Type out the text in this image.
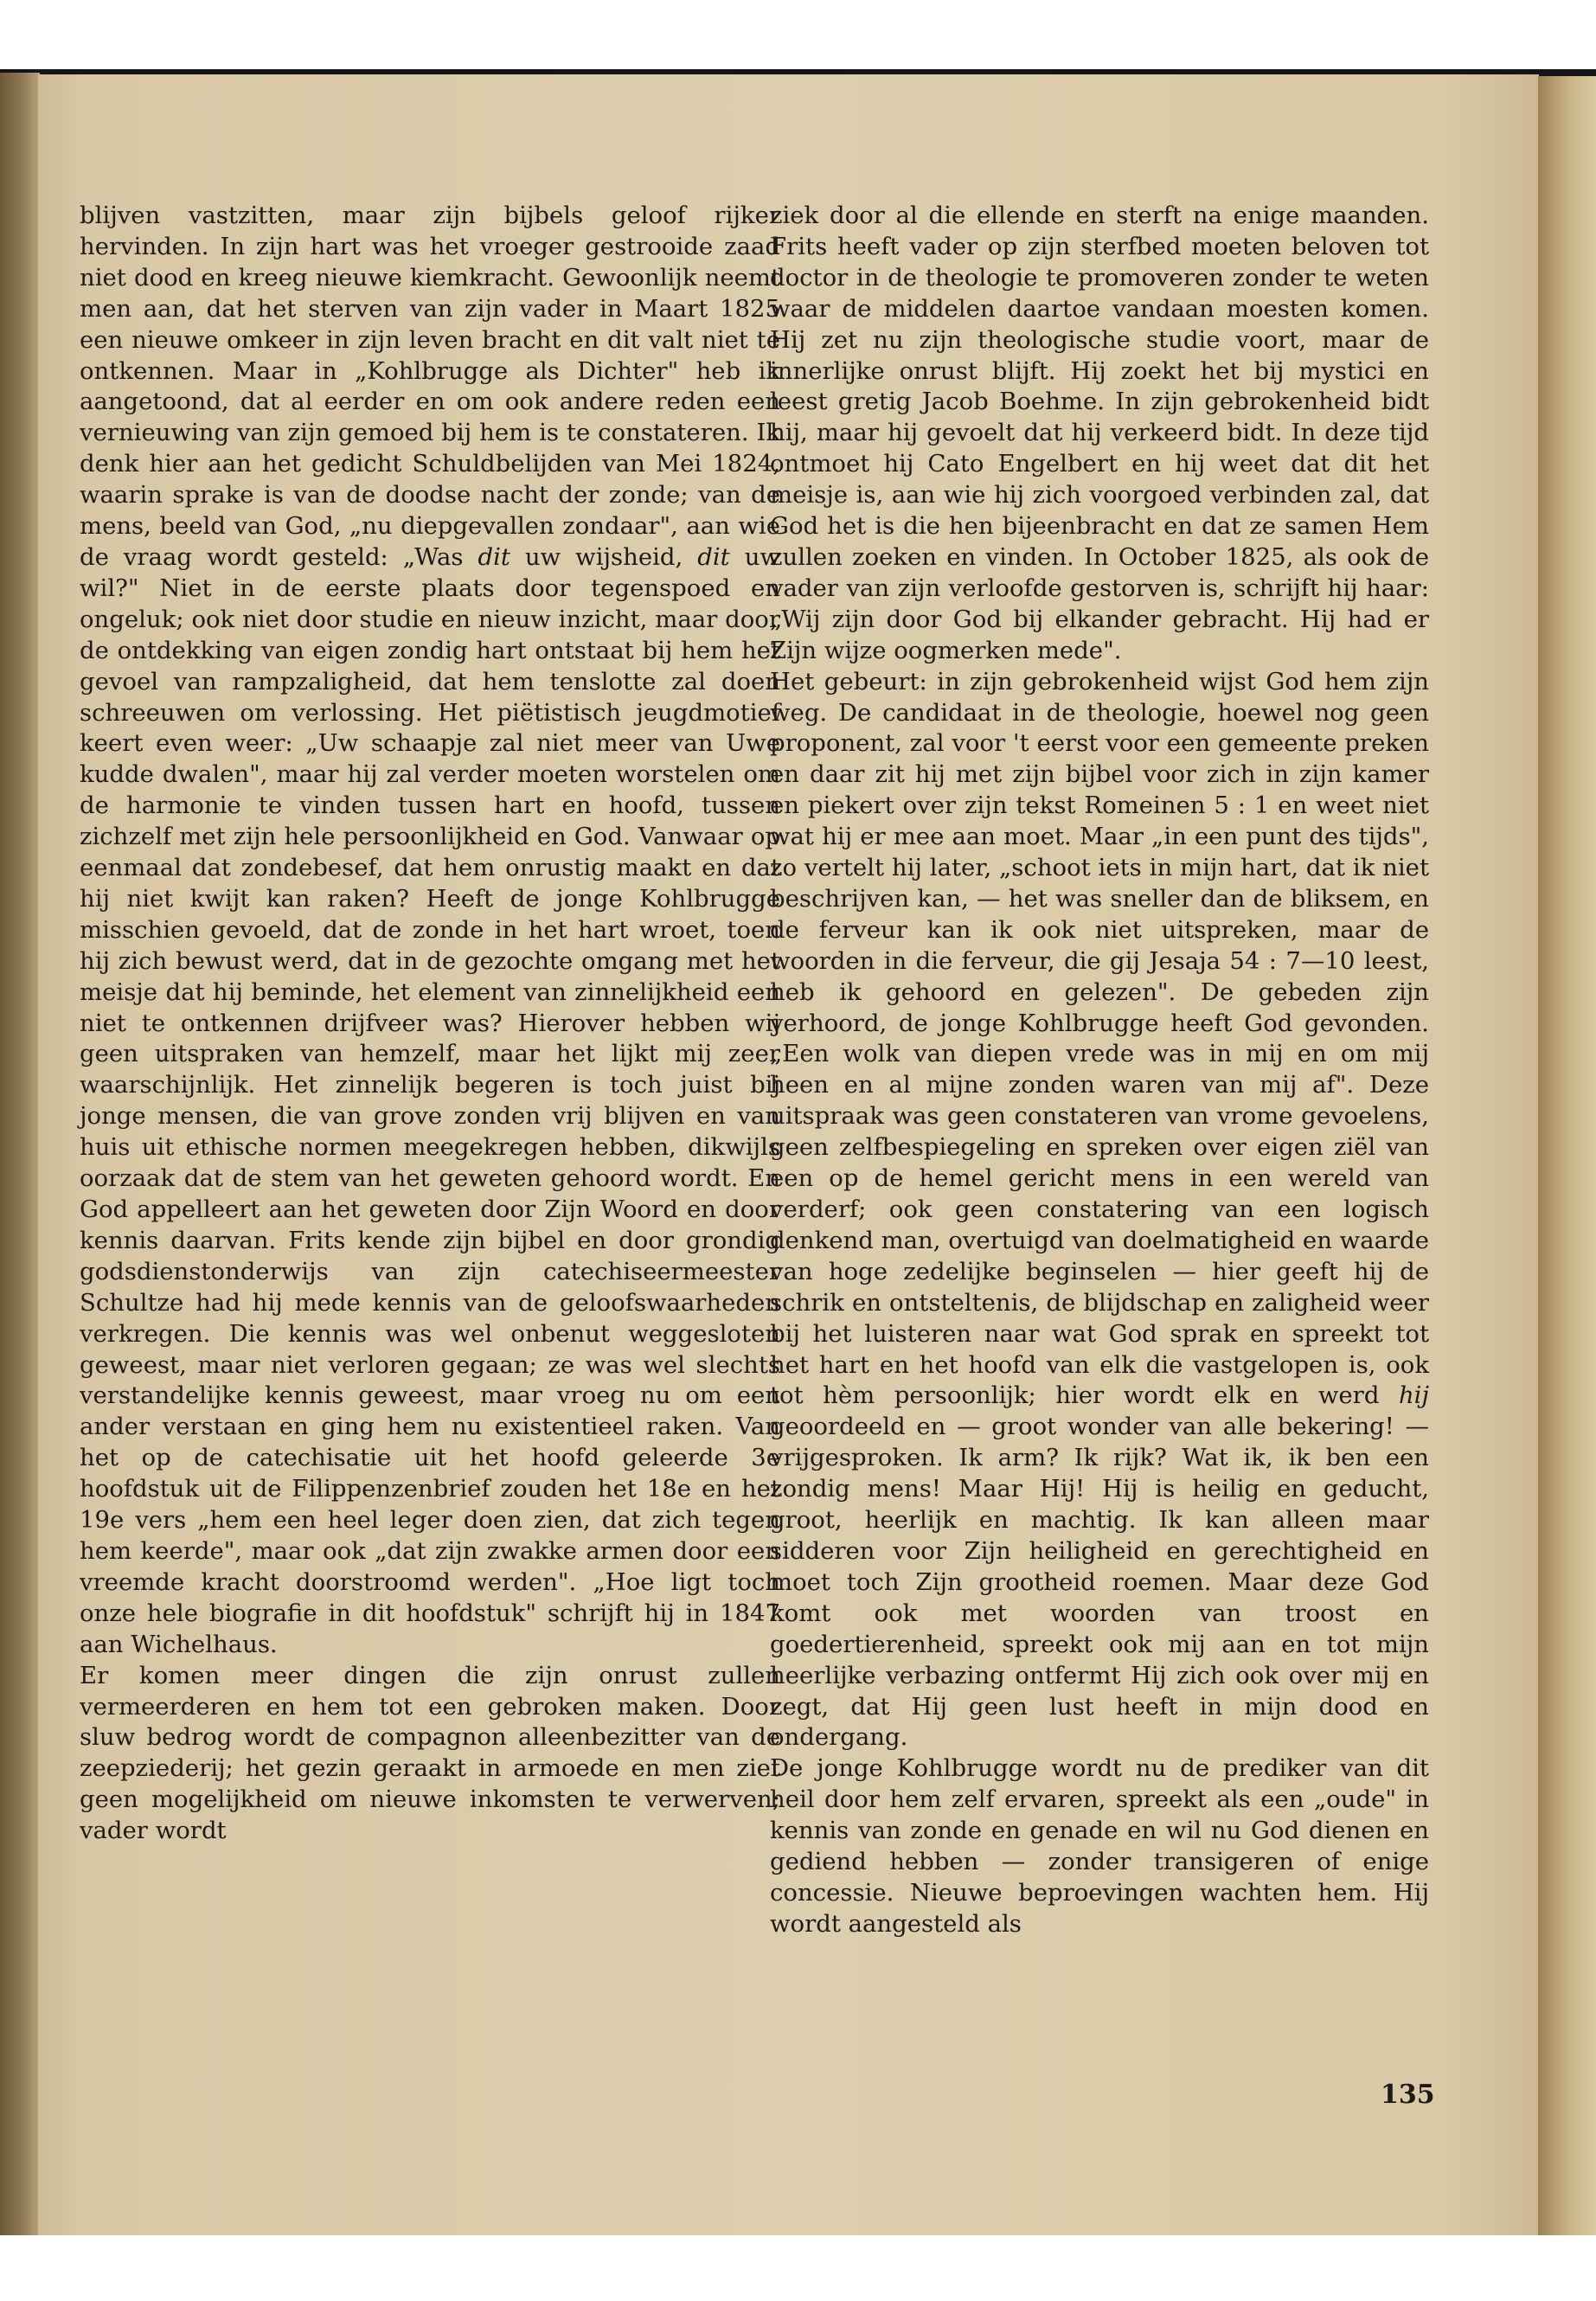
blijven vastzitten, maar zijn bijbels geloof rijker hervinden. In zijn hart was het vroeger gestrooide zaad niet dood en kreeg nieuwe kiemkracht. Gewoonlijk neemt men aan, dat het sterven van zijn vader in Maart 1825 een nieuwe omkeer in zijn leven bracht en dit valt niet te ontkennen. Maar in „Kohlbrugge als Dichter" heb ik aangetoond, dat al eerder en om ook andere reden een vernieuwing van zijn gemoed bij hem is te constateren. Ik denk hier aan het gedicht Schuldbelijden van Mei 1824, waarin sprake is van de doodse nacht der zonde; van de mens, beeld van God, „nu diepgevallen zondaar", aan wie de vraag wordt gesteld: „Was dit uw wijsheid, dit uw wil?" Niet in de eerste plaats door tegenspoed en ongeluk; ook niet door studie en nieuw inzicht, maar door de ontdekking van eigen zondig hart ontstaat bij hem het gevoel van rampzaligheid, dat hem tenslotte zal doen schreeuwen om verlossing. Het piëtistisch jeugdmotief keert even weer: „Uw schaapje zal niet meer van Uwe kudde dwalen", maar hij zal verder moeten worstelen om de harmonie te vinden tussen hart en hoofd, tussen zichzelf met zijn hele persoonlijkheid en God. Vanwaar op eenmaal dat zondebesef, dat hem onrustig maakt en dat hij niet kwijt kan raken? Heeft de jonge Kohlbrugge misschien gevoeld, dat de zonde in het hart wroet, toen hij zich bewust werd, dat in de gezochte omgang met het meisje dat hij beminde, het element van zinnelijkheid een niet te ontkennen drijfveer was? Hierover hebben wij geen uitspraken van hemzelf, maar het lijkt mij zeer waarschijnlijk. Het zinnelijk begeren is toch juist bij jonge mensen, die van grove zonden vrij blijven en van huis uit ethische normen meegekregen hebben, dikwijls oorzaak dat de stem van het geweten gehoord wordt. En God appelleert aan het geweten door Zijn Woord en door kennis daarvan. Frits kende zijn bijbel en door grondig godsdienstonderwijs van zijn catechiseermeester Schultze had hij mede kennis van de geloofswaarheden verkregen. Die kennis was wel onbenut weggesloten geweest, maar niet verloren gegaan; ze was wel slechts verstandelijke kennis geweest, maar vroeg nu om een ander verstaan en ging hem nu existentieel raken. Van het op de catechisatie uit het hoofd geleerde 3e hoofdstuk uit de Filippenzenbrief zouden het 18e en het 19e vers „hem een heel leger doen zien, dat zich tegen hem keerde", maar ook „dat zijn zwakke armen door een vreemde kracht doorstroomd werden". „Hoe ligt toch onze hele biografie in dit hoofdstuk" schrijft hij in 1847 aan Wichelhaus.

Er komen meer dingen die zijn onrust zullen vermeerderen en hem tot een gebroken maken. Door sluw bedrog wordt de compagnon alleenbezitter van de zeepziederij; het gezin geraakt in armoede en men ziet geen mogelijkheid om nieuwe inkomsten te verwerven; vader wordt

ziek door al die ellende en sterft na enige maanden. Frits heeft vader op zijn sterfbed moeten beloven tot doctor in de theologie te promoveren zonder te weten waar de middelen daartoe vandaan moesten komen. Hij zet nu zijn theologische studie voort, maar de innerlijke onrust blijft. Hij zoekt het bij mystici en leest gretig Jacob Boehme. In zijn gebrokenheid bidt hij, maar hij gevoelt dat hij verkeerd bidt. In deze tijd ontmoet hij Cato Engelbert en hij weet dat dit het meisje is, aan wie hij zich voorgoed verbinden zal, dat God het is die hen bijeenbracht en dat ze samen Hem zullen zoeken en vinden. In October 1825, als ook de vader van zijn verloofde gestorven is, schrijft hij haar: „Wij zijn door God bij elkander gebracht. Hij had er Zijn wijze oogmerken mede".

Het gebeurt: in zijn gebrokenheid wijst God hem zijn weg. De candidaat in de theologie, hoewel nog geen proponent, zal voor 't eerst voor een gemeente preken en daar zit hij met zijn bijbel voor zich in zijn kamer en piekert over zijn tekst Romeinen 5 : 1 en weet niet wat hij er mee aan moet. Maar „in een punt des tijds", zo vertelt hij later, „schoot iets in mijn hart, dat ik niet beschrijven kan, — het was sneller dan de bliksem, en de ferveur kan ik ook niet uitspreken, maar de woorden in die ferveur, die gij Jesaja 54 : 7—10 leest, heb ik gehoord en gelezen". De gebeden zijn verhoord, de jonge Kohlbrugge heeft God gevonden. „Een wolk van diepen vrede was in mij en om mij heen en al mijne zonden waren van mij af". Deze uitspraak was geen constateren van vrome gevoelens, geen zelfbespiegeling en spreken over eigen ziël van een op de hemel gericht mens in een wereld van verderf; ook geen constatering van een logisch denkend man, overtuigd van doelmatigheid en waarde van hoge zedelijke beginselen — hier geeft hij de schrik en ontsteltenis, de blijdschap en zaligheid weer bij het luisteren naar wat God sprak en spreekt tot het hart en het hoofd van elk die vastgelopen is, ook tot hèm persoonlijk; hier wordt elk en werd hij geoordeeld en — groot wonder van alle bekering! — vrijgesproken. Ik arm? Ik rijk? Wat ik, ik ben een zondig mens! Maar Hij! Hij is heilig en geducht, groot, heerlijk en machtig. Ik kan alleen maar sidderen voor Zijn heiligheid en gerechtigheid en moet toch Zijn grootheid roemen. Maar deze God komt ook met woorden van troost en goedertierenheid, spreekt ook mij aan en tot mijn heerlijke verbazing ontfermt Hij zich ook over mij en zegt, dat Hij geen lust heeft in mijn dood en ondergang.

De jonge Kohlbrugge wordt nu de prediker van dit heil door hem zelf ervaren, spreekt als een „oude" in kennis van zonde en genade en wil nu God dienen en gediend hebben — zonder transigeren of enige concessie. Nieuwe beproevingen wachten hem. Hij wordt aangesteld als

135
